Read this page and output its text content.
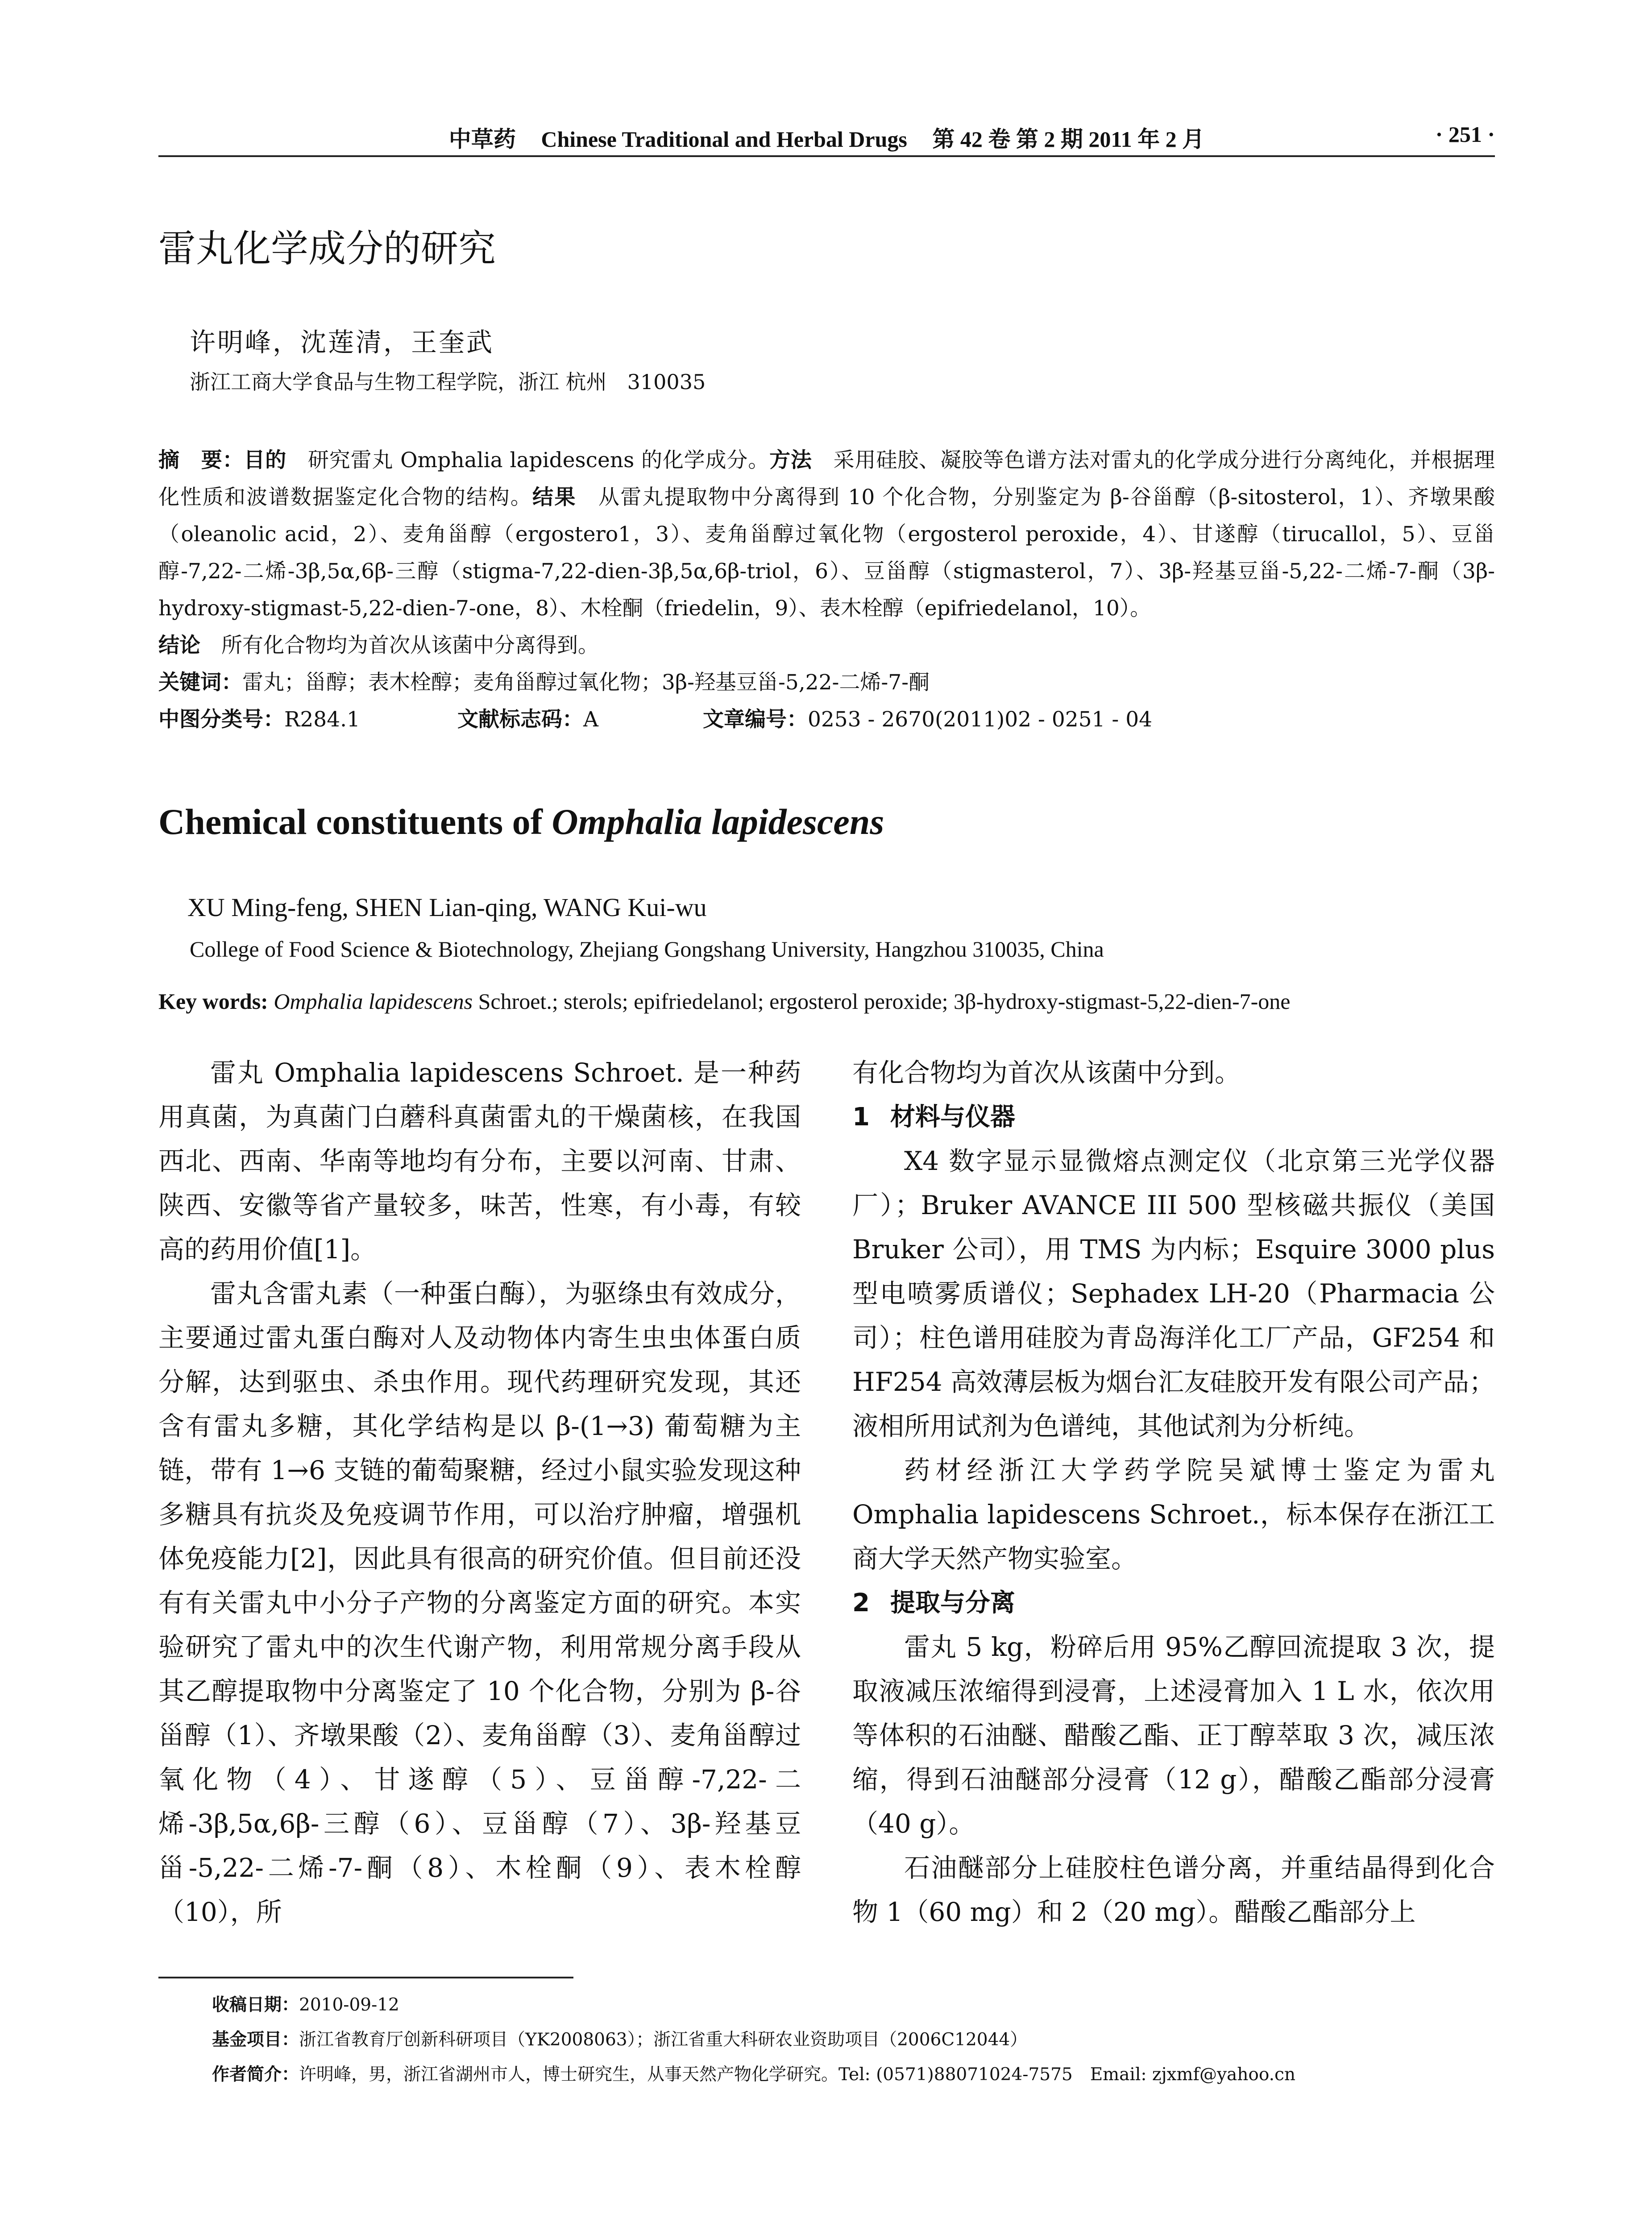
中草药 Chinese Traditional and Herbal Drugs 第 42 卷 第 2 期 2011 年 2 月	· 251 ·
雷丸化学成分的研究
许明峰，沈莲清，王奎武
浙江工商大学食品与生物工程学院，浙江 杭州　310035

摘　要：目的　 研究雷丸 Omphalia lapidescens 的化学成分。方法　 采用硅胶、凝胶等色谱方法对雷丸的化学成分进行分离纯化，并根据理化性质和波谱数据鉴定化合物的结构。结果　 从雷丸提取物中分离得到 10 个化合物，分别鉴定为 β-谷甾醇（β-sitosterol，1）、齐墩果酸（oleanolic acid，2）、麦角甾醇（ergostero1，3）、麦角甾醇过氧化物（ergosterol peroxide，4）、甘遂醇（tirucallol，5）、豆甾醇-7,22-二烯-3β,5α,6β-三醇（stigma-7,22-dien-3β,5α,6β-triol，6）、豆甾醇（stigmasterol，7）、3β-羟基豆甾-5,22-二烯-7-酮（3β-hydroxy-stigmast-5,22-dien-7-one，8）、木栓酮（friedelin，9）、表木栓醇（epifriedelanol，10）。
结论　 所有化合物均为首次从该菌中分离得到。

关键词：雷丸；甾醇；表木栓醇；麦角甾醇过氧化物；3β-羟基豆甾-5,22-二烯-7-酮

中图分类号：R284.1	文献标志码：A	文章编号：0253 - 2670(2011)02 - 0251 - 04
Chemical constituents of Omphalia lapidescens
XU Ming-feng, SHEN Lian-qing, WANG Kui-wu
College of Food Science & Biotechnology, Zhejiang Gongshang University, Hangzhou 310035, China
Key words: Omphalia lapidescens Schroet.; sterols; epifriedelanol; ergosterol peroxide; 3β-hydroxy-stigmast-5,22-dien-7-one

雷丸 Omphalia lapidescens Schroet. 是一种药用真菌，为真菌门白蘑科真菌雷丸的干燥菌核，在我国西北、西南、华南等地均有分布，主要以河南、甘肃、陕西、安徽等省产量较多，味苦，性寒，有小毒，有较高的药用价值[1]。

雷丸含雷丸素（一种蛋白酶），为驱绦虫有效成分，主要通过雷丸蛋白酶对人及动物体内寄生虫虫体蛋白质分解，达到驱虫、杀虫作用。现代药理研究发现，其还含有雷丸多糖，其化学结构是以 β-(1→3) 葡萄糖为主链，带有 1→6 支链的葡萄聚糖，经过小鼠实验发现这种多糖具有抗炎及免疫调节作用，可以治疗肿瘤，增强机体免疫能力[2]，因此具有很高的研究价值。但目前还没有有关雷丸中小分子产物的分离鉴定方面的研究。本实验研究了雷丸中的次生代谢产物，利用常规分离手段从其乙醇提取物中分离鉴定了 10 个化合物，分别为 β-谷甾醇（1）、齐墩果酸（2）、麦角甾醇（3）、麦角甾醇过氧化物（4）、甘遂醇（5）、豆甾醇-7,22-二烯-3β,5α,6β-三醇（6）、豆甾醇（7）、3β-羟基豆甾-5,22-二烯-7-酮（8）、木栓酮（9）、表木栓醇（10），所

有化合物均为首次从该菌中分到。

1 材料与仪器

X4 数字显示显微熔点测定仪（北京第三光学仪器厂）；Bruker AVANCE III 500 型核磁共振仪（美国 Bruker 公司），用 TMS 为内标；Esquire 3000 plus 型电喷雾质谱仪；Sephadex LH-20（Pharmacia 公司）；柱色谱用硅胶为青岛海洋化工厂产品，GF254 和 HF254 高效薄层板为烟台汇友硅胶开发有限公司产品；液相所用试剂为色谱纯，其他试剂为分析纯。

药材经浙江大学药学院吴斌博士鉴定为雷丸 Omphalia lapidescens Schroet.，标本保存在浙江工商大学天然产物实验室。

2 提取与分离

雷丸 5 kg，粉碎后用 95%乙醇回流提取 3 次，提取液减压浓缩得到浸膏，上述浸膏加入 1 L 水，依次用等体积的石油醚、醋酸乙酯、正丁醇萃取 3 次，减压浓缩，得到石油醚部分浸膏（12 g），醋酸乙酯部分浸膏（40 g）。

石油醚部分上硅胶柱色谱分离，并重结晶得到化合物 1（60 mg）和 2（20 mg）。醋酸乙酯部分上

收稿日期：2010-09-12
基金项目：浙江省教育厅创新科研项目（YK2008063）；浙江省重大科研农业资助项目（2006C12044）
作者简介：许明峰，男，浙江省湖州市人，博士研究生，从事天然产物化学研究。Tel: (0571)88071024-7575　Email: zjxmf@yahoo.cn
